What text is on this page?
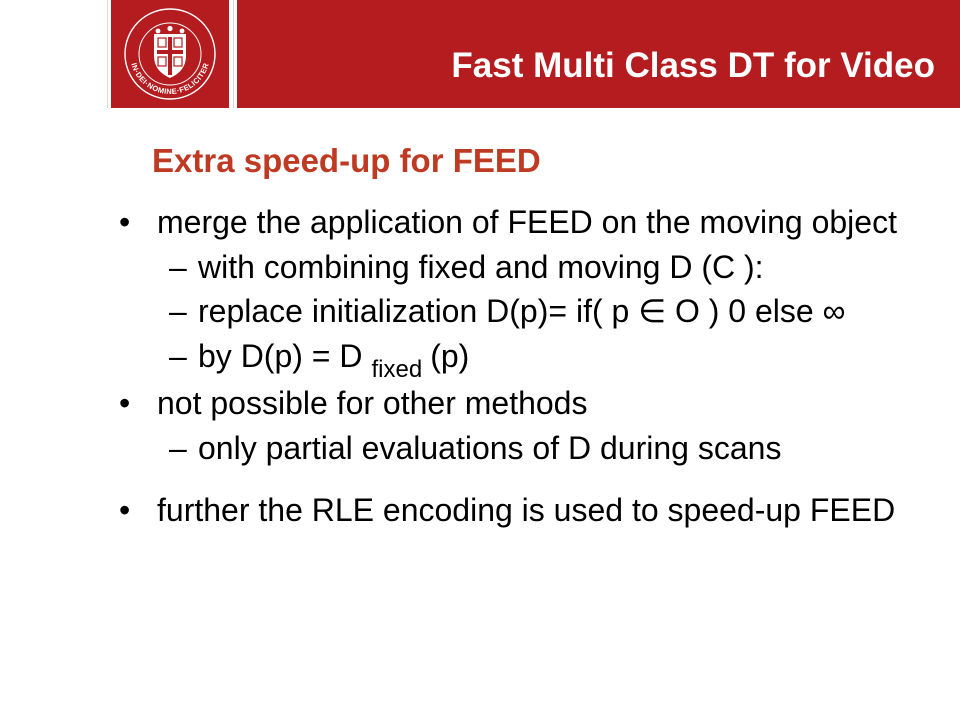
IN·DEI·NOMINE·FELICITER	Fast Multi Class DT for Video
Extra speed-up for FEED
• merge the application of FEED on the moving object
– with combining fixed and moving D (C ):
– replace initialization D(p)= if( p ∈ O ) 0 else ∞
– by D(p) = D $_{fixed}$ (p)
• not possible for other methods
– only partial evaluations of D during scans
• further the RLE encoding is used to speed-up FEED
